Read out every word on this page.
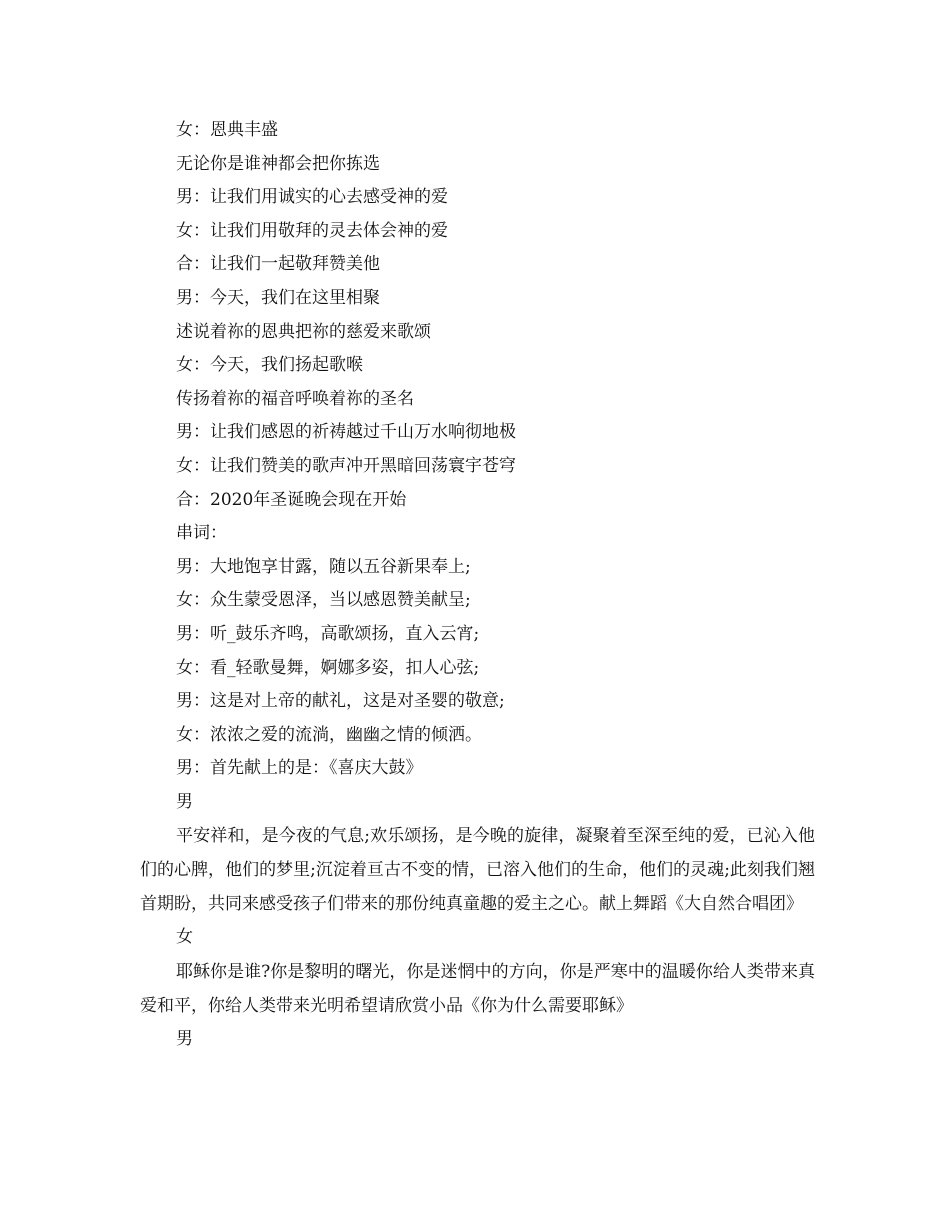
女：恩典丰盛
无论你是谁神都会把你拣选
男：让我们用诚实的心去感受神的爱
女：让我们用敬拜的灵去体会神的爱
合：让我们一起敬拜赞美他
男：今天，我们在这里相聚
述说着祢的恩典把祢的慈爱来歌颂
女：今天，我们扬起歌喉
传扬着祢的福音呼唤着祢的圣名
男：让我们感恩的祈祷越过千山万水响彻地极
女：让我们赞美的歌声冲开黑暗回荡寰宇苍穹
合：2020年圣诞晚会现在开始
串词：
男：大地饱享甘露，随以五谷新果奉上;
女：众生蒙受恩泽，当以感恩赞美献呈;
男：听_鼓乐齐鸣，高歌颂扬，直入云宵;
女：看_轻歌曼舞，婀娜多姿，扣人心弦;
男：这是对上帝的献礼，这是对圣婴的敬意;
女：浓浓之爱的流淌，幽幽之情的倾洒。
男：首先献上的是：《喜庆大鼓》
男
平安祥和，是今夜的气息;欢乐颂扬，是今晚的旋律，凝聚着至深至纯的爱，已沁入他们的心脾，他们的梦里;沉淀着亘古不变的情，已溶入他们的生命，他们的灵魂;此刻我们翘首期盼，共同来感受孩子们带来的那份纯真童趣的爱主之心。献上舞蹈《大自然合唱团》
女
耶稣你是谁?你是黎明的曙光，你是迷惘中的方向，你是严寒中的温暖你给人类带来真爱和平，你给人类带来光明希望请欣赏小品《你为什么需要耶稣》
男
